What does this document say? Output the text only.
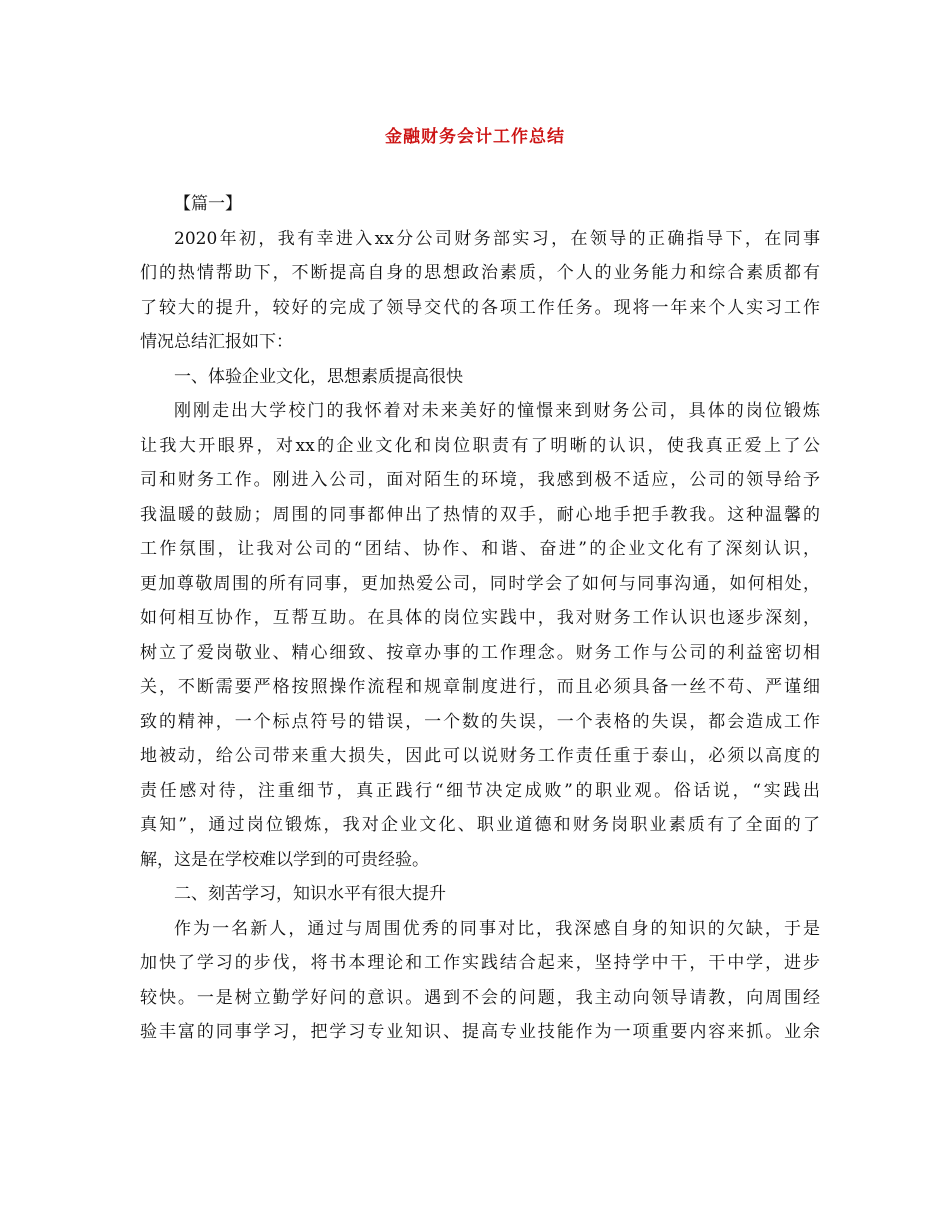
金融财务会计工作总结
【篇一】
2020年初，我有幸进入xx分公司财务部实习，在领导的正确指导下，在同事
们的热情帮助下，不断提高自身的思想政治素质，个人的业务能力和综合素质都有
了较大的提升，较好的完成了领导交代的各项工作任务。现将一年来个人实习工作
情况总结汇报如下：
一、体验企业文化，思想素质提高很快
刚刚走出大学校门的我怀着对未来美好的憧憬来到财务公司，具体的岗位锻炼
让我大开眼界，对xx的企业文化和岗位职责有了明晰的认识，使我真正爱上了公
司和财务工作。刚进入公司，面对陌生的环境，我感到极不适应，公司的领导给予
我温暖的鼓励；周围的同事都伸出了热情的双手，耐心地手把手教我。这种温馨的
工作氛围，让我对公司的“团结、协作、和谐、奋进”的企业文化有了深刻认识，
更加尊敬周围的所有同事，更加热爱公司，同时学会了如何与同事沟通，如何相处，
如何相互协作，互帮互助。在具体的岗位实践中，我对财务工作认识也逐步深刻，
树立了爱岗敬业、精心细致、按章办事的工作理念。财务工作与公司的利益密切相
关，不断需要严格按照操作流程和规章制度进行，而且必须具备一丝不苟、严谨细
致的精神，一个标点符号的错误，一个数的失误，一个表格的失误，都会造成工作
地被动，给公司带来重大损失，因此可以说财务工作责任重于泰山，必须以高度的
责任感对待，注重细节，真正践行“细节决定成败”的职业观。俗话说，“实践出
真知”，通过岗位锻炼，我对企业文化、职业道德和财务岗职业素质有了全面的了
解，这是在学校难以学到的可贵经验。
二、刻苦学习，知识水平有很大提升
作为一名新人，通过与周围优秀的同事对比，我深感自身的知识的欠缺，于是
加快了学习的步伐，将书本理论和工作实践结合起来，坚持学中干，干中学，进步
较快。一是树立勤学好问的意识。遇到不会的问题，我主动向领导请教，向周围经
验丰富的同事学习，把学习专业知识、提高专业技能作为一项重要内容来抓。业余
